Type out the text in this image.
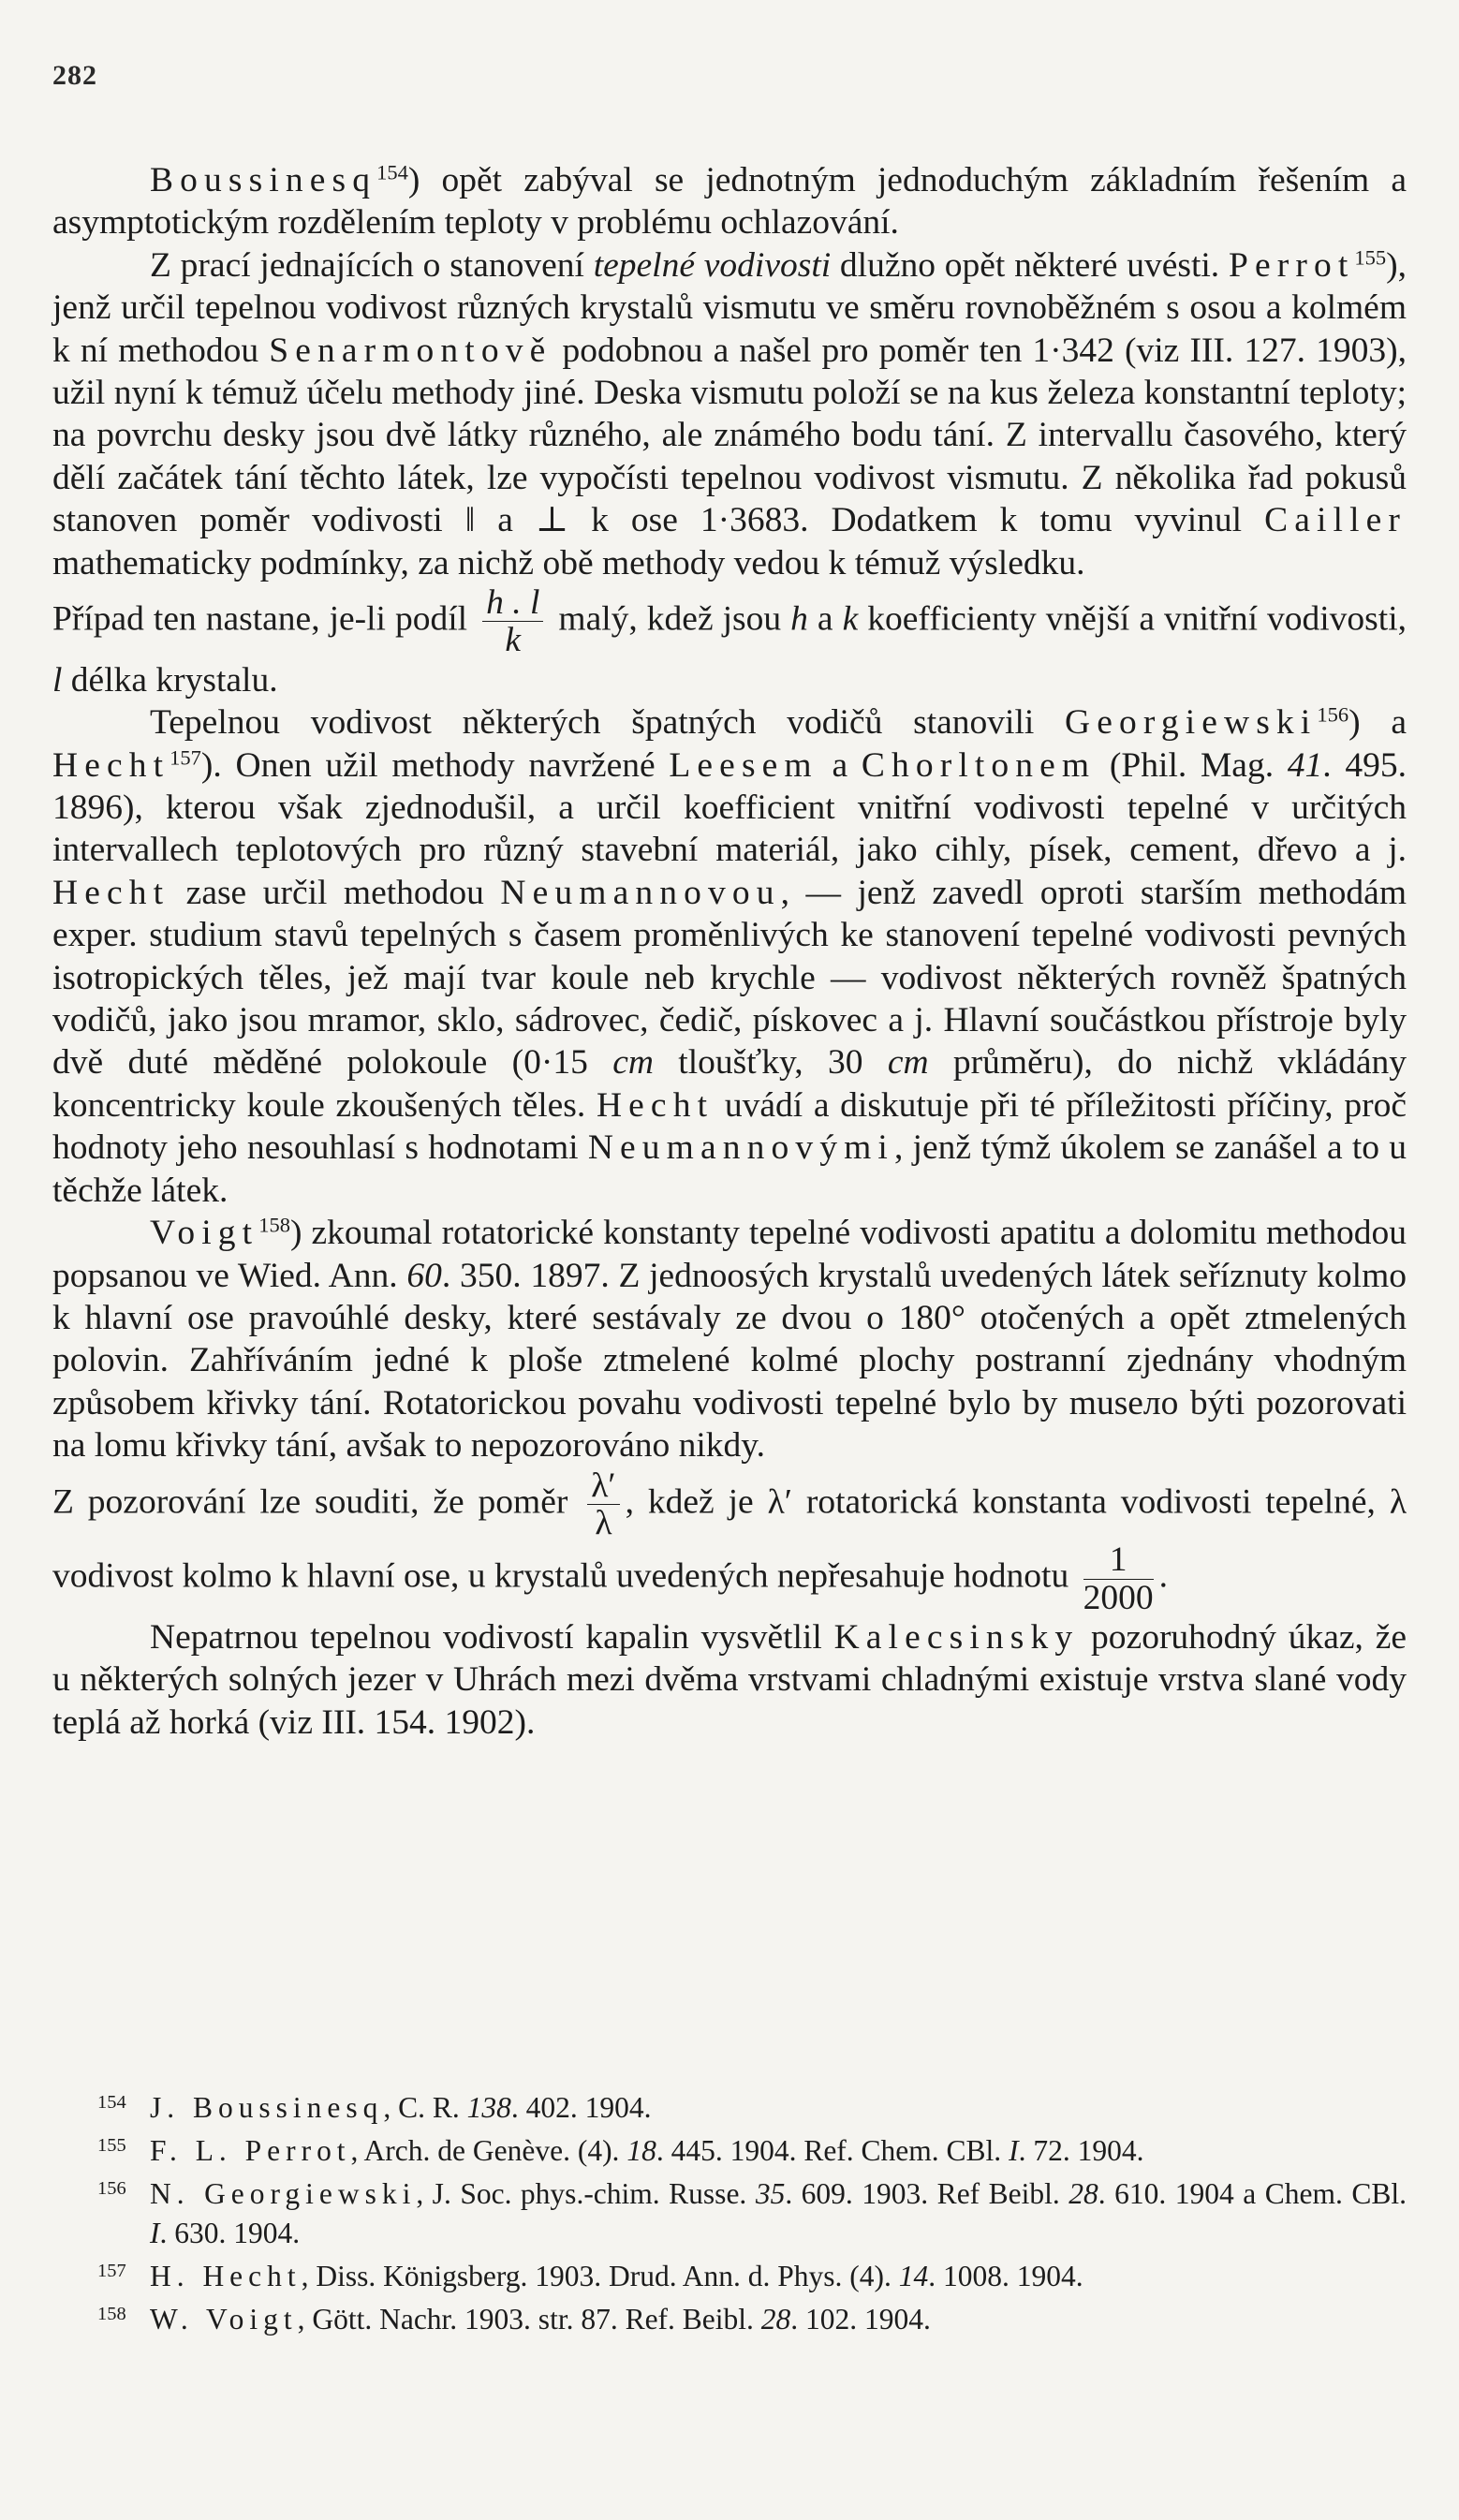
282

Boussinesq$^{154}$) opět zabýval se jednotným jednoduchým základním řešením a asymptotickým rozdělením teploty v problému ochlazování.

Z prací jednajících o stanovení tepelné vodivosti dlužno opět některé uvésti. Perrot$^{155}$), jenž určil tepelnou vodivost různých krystalů vismutu ve směru rovnoběžném s osou a kolmém k ní methodou Senarmontově podobnou a našel pro poměr ten 1·342 (viz III. 127. 1903), užil nyní k témuž účelu methody jiné. Deska vismutu položí se na kus železa konstantní teploty; na povrchu desky jsou dvě látky různého, ale známého bodu tání. Z intervallu časového, který dělí začátek tání těchto látek, lze vypočísti tepelnou vodivost vismutu. Z několika řad pokusů stanoven poměr vodivosti ‖ a ⊥ k ose 1·3683. Dodatkem k tomu vyvinul Cailler mathematicky podmínky, za nichž obě methody vedou k témuž výsledku.

Případ ten nastane, je-li podíl $\frac{h . l}{k}$ malý, kdež jsou h a k koefficienty vnější a vnitřní vodivosti, l délka krystalu.

Tepelnou vodivost některých špatných vodičů stanovili Georgiewski$^{156}$) a Hecht$^{157}$). Onen užil methody navržené Leesem a Chorltonem (Phil. Mag. 41. 495. 1896), kterou však zjednodušil, a určil koefficient vnitřní vodivosti tepelné v určitých intervallech teplotových pro různý stavební materiál, jako cihly, písek, cement, dřevo a j. Hecht zase určil methodou Neumannovou, — jenž zavedl oproti starším methodám exper. studium stavů tepelných s časem proměnlivých ke stanovení tepelné vodivosti pevných isotropických těles, jež mají tvar koule neb krychle — vodivost některých rovněž špatných vodičů, jako jsou mramor, sklo, sádrovec, čedič, pískovec a j. Hlavní součástkou přístroje byly dvě duté měděné polokoule (0·15 cm tloušťky, 30 cm průměru), do nichž vkládány koncentricky koule zkoušených těles. Hecht uvádí a diskutuje při té příležitosti příčiny, proč hodnoty jeho nesouhlasí s hodnotami Neumannovými, jenž týmž úkolem se zanášel a to u těchže látek.

Voigt$^{158}$) zkoumal rotatorické konstanty tepelné vodivosti apatitu a dolomitu methodou popsanou ve Wied. Ann. 60. 350. 1897. Z jednoosých krystalů uvedených látek seříznuty kolmo k hlavní ose pravoúhlé desky, které sestávaly ze dvou o 180° otočených a opět ztmelených polovin. Zahříváním jedné k ploše ztmelené kolmé plochy postranní zjednány vhodným způsobem křivky tání. Rotatorickou povahu vodivosti tepelné bylo by musело býti pozorovati na lomu křivky tání, avšak to nepozorováno nikdy.

Z pozorování lze souditi, že poměr $\frac{\lambda'}{\lambda}$ , kdež je λ′ rotatorická konstanta vodivosti tepelné, λ vodivost kolmo k hlavní ose, u krystalů uvedených nepřesahuje hodnotu $\frac{1}{2000}$ .

Nepatrnou tepelnou vodivostí kapalin vysvětlil Kalecsinsky pozoruhodný úkaz, že u některých solných jezer v Uhrách mezi dvěma vrstvami chladnými existuje vrstva slané vody teplá až horká (viz III. 154. 1902).

154 J. Boussinesq, C. R. 138. 402. 1904.
155 F. L. Perrot, Arch. de Genève. (4). 18. 445. 1904. Ref. Chem. CBl. I. 72. 1904.
156 N. Georgiewski, J. Soc. phys.-chim. Russe. 35. 609. 1903. Ref Beibl. 28. 610. 1904 a Chem. CBl. I. 630. 1904.
157 H. Hecht, Diss. Königsberg. 1903. Drud. Ann. d. Phys. (4). 14. 1008. 1904.
158 W. Voigt, Gött. Nachr. 1903. str. 87. Ref. Beibl. 28. 102. 1904.
